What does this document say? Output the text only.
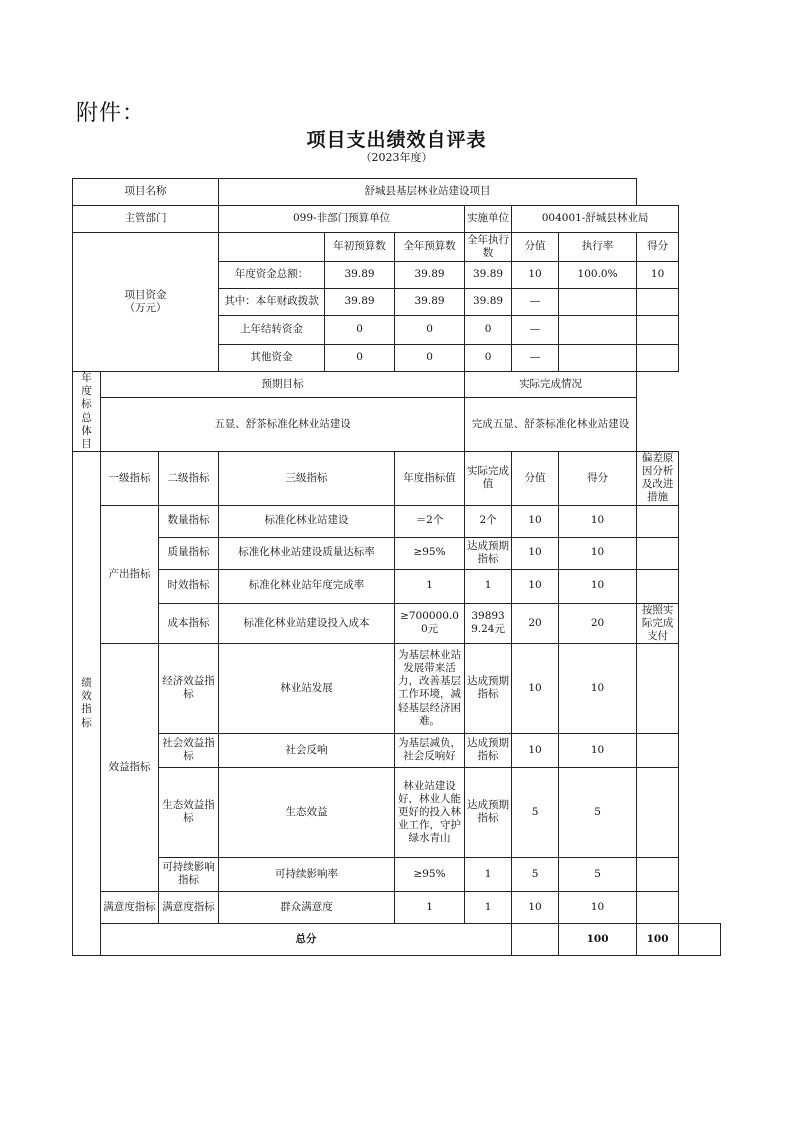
附件：
项目支出绩效自评表
（2023年度）
项目名称			舒城县基层林业站建设项目							
主管部门			099-非部门预算单位			实施单位	004001-舒城县林业局			
项目资金
（万元）				年初预算数	全年预算数	全年执行数	分值	执行率	得分	
			年度资金总额：	39.89	39.89	39.89	10	100.0%	10	
			其中：本年财政拨款	39.89	39.89	39.89	—			
			上年结转资金	0	0	0	—			
			其他资金	0	0	0	—			
年
度
标 总
体
目	预期目标					实际完成情况				
	五显、舒茶标准化林业站建设					完成五显、舒茶标准化林业站建设				
绩
效
指
标	一级指标	二级指标	三级指标		年度指标值	实际完成值	分值	得分	偏差原因分析及改进措施	
	产出指标	数量指标	标准化林业站建设		＝2个	2个	10	10		
		质量指标	标准化林业站建设质量达标率		≥95%	达成预期指标	10	10		
		时效指标	标准化林业站年度完成率		1	1	10	10		
		成本指标	标准化林业站建设投入成本		≥700000.00元	398939.24元	20	20	按照实际完成支付	
	效益指标	经济效益指标	林业站发展		为基层林业站发展带来活力，改善基层工作环境，减轻基层经济困难。	达成预期指标	10	10		
		社会效益指标	社会反响		为基层减负，社会反响好	达成预期指标	10	10		
		生态效益指标	生态效益		林业站建设好，林业人能更好的投入林业工作，守护绿水青山	达成预期指标	5	5		
		可持续影响指标	可持续影响率		≥95%	1	5	5		
	满意度指标	满意度指标	群众满意度		1	1	10	10		
	总分							100	100	
